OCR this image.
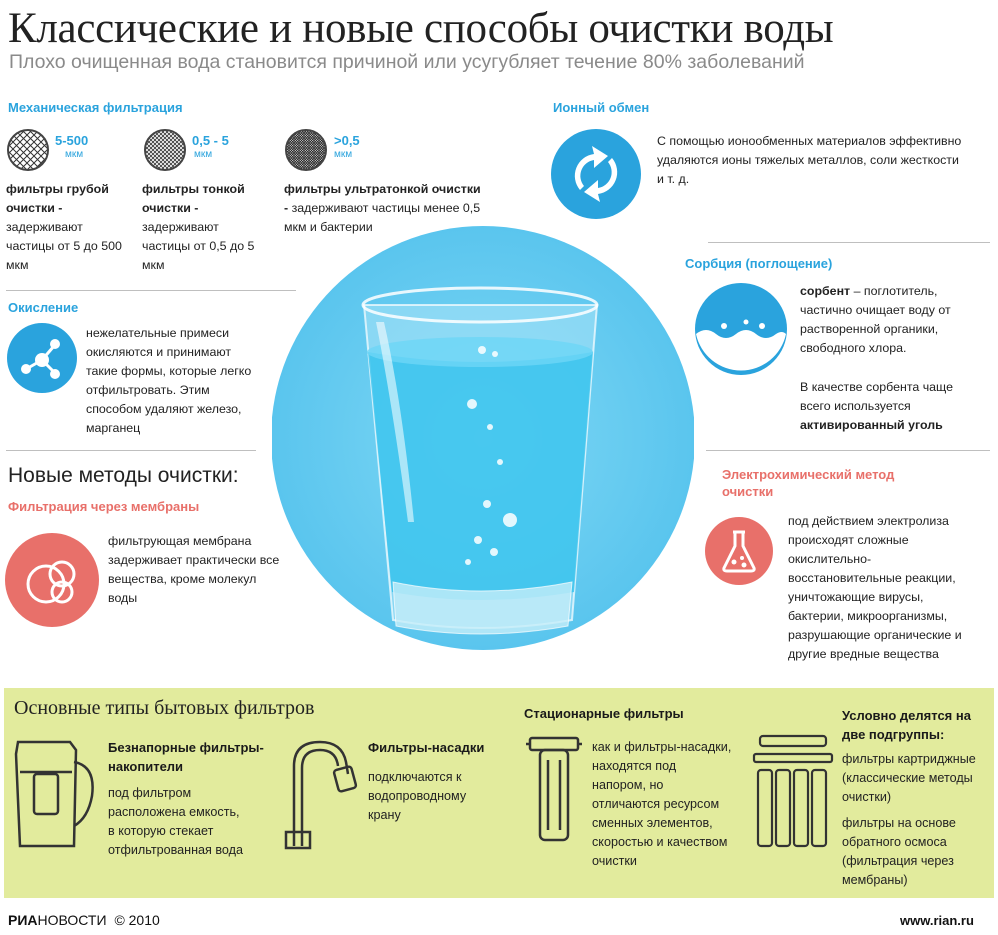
Классические и новые способы очистки воды
Плохо очищенная вода становится причиной или усугубляет течение 80% заболеваний
Механическая фильтрация
5-500
мкм
0,5 - 5
мкм
>0,5
мкм
фильтры грубой очистки - задерживают частицы от 5 до 500 мкм
фильтры тонкой очистки - задерживают частицы от 0,5 до 5 мкм
фильтры ультратонкой очистки - задерживают частицы менее 0,5 мкм и бактерии
Окисление
нежелательные примеси окисляются и принимают такие формы, которые легко отфильтровать. Этим способом удаляют железо, марганец
Новые методы очистки:
Фильтрация через мембраны
фильтрующая мембрана задерживает практически все вещества, кроме молекул воды
Ионный обмен
С помощью ионообменных материалов эффективно удаляются ионы тяжелых металлов, соли жесткости и т. д.
Сорбция (поглощение)
сорбент – поглотитель, частично очищает воду от растворенной органики, свободного хлора.
В качестве сорбента чаще всего используется активированный уголь
Электрохимический метод очистки
под действием электролиза происходят сложные окислительно-восстановительные реакции, уничтожающие вирусы, бактерии, микроорганизмы, разрушающие органические и другие вредные вещества
Основные типы бытовых фильтров
Безнапорные фильтры-накопители
под фильтром расположена емкость, в которую стекает отфильтрованная вода
Фильтры-насадки
подключаются к водопроводному крану
Стационарные фильтры
как и фильтры-насадки, находятся под напором, но отличаются ресурсом сменных элементов, скоростью и качеством очистки
Условно делятся на две подгруппы:
фильтры картриджные (классические методы очистки)
фильтры на основе обратного осмоса (фильтрация через мембраны)
РИАНОВОСТИ © 2010	www.rian.ru
